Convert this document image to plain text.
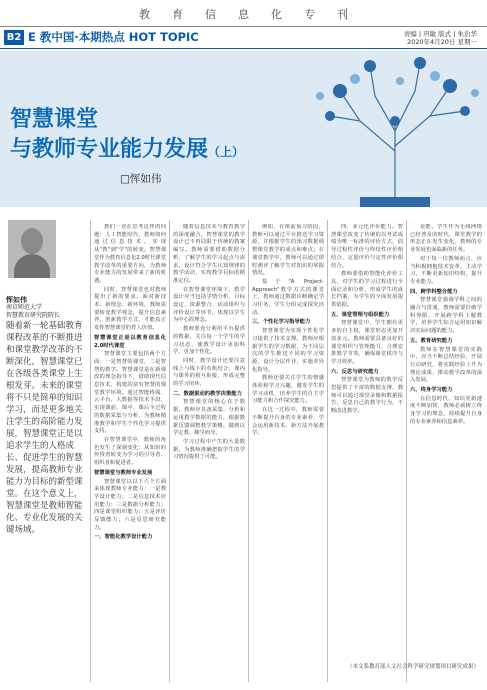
教 育 信 息 化 专 刊
B2 E 教中国·本期热点 HOT TOPIC	责编 | 巩敏 版式 | 朱治华
2020年4月20日 星期一
智慧课堂
与教师专业能力发展（上）
□恽如伟
恽如伟
南京师范大学
智慧教育研究院院长
随着新一轮基础教育课程改革的不断推进和课堂教学改革的不断深化，智慧课堂已在各级各类课堂上生根发芽。未来的课堂将不只是简单的知识学习，而是更多地关注学生的高阶能力发展，智慧课堂正是以追求学生的人格成长、促进学生的智慧发展，提高教师专业能力为目标的新型课堂。在这个意义上，智慧课堂是教师智能化、专业化发展的关键场域。

教们一直在思考这样的问题：人工智能时代，教师如何通过信息技术，实现从"教"到"学"的转变。智慧课堂作为教育信息化2.0时代课堂教学改革的重要方向，为教师专业能力的发展带来了新的机遇。

同时，智慧课堂也对教师提出了新的要求。面对新技术、新理念、新环境，教师需要转变教学观念，提升信息素养，创新教学方式，才能真正发挥智慧课堂的育人价值。

智慧课堂正是以教育信息化2.0时代课堂

智慧课堂主要包括两个方面：一是智慧的课堂，二是智慧的教学。智慧课堂是在新课改的理念指导下，借助现代信息技术，构建的富有智慧的课堂教学环境。通过智能终端、云平台、大数据等技术手段，实现课前、课中、课后全过程的数据采集与分析，为教师精准教学和学生个性化学习提供支持。

在智慧课堂中，教师的角色发生了深刻变化：从知识的传授者转变为学习的引导者、组织者和促进者。

智慧课堂与教师专业发展

智慧课堂以以下六个方面来体现教师专业能力：一是教学设计能力；二是信息技术应用能力；三是数据分析能力；四是课堂组织能力；五是评价反馈能力；六是反思研究能力。

一、智能化教学设计能力

随着信息技术与教育教学的深度融合，智慧课堂的教学设计已不再局限于传统的教案编写。教师需要借助数据分析，了解学生的学习起点与需求，设计符合学生认知规律的教学活动，实现教学目标的精准定位。

在智慧课堂环境下，教学设计应当包括学情分析、目标设定、资源整合、活动组织与评价设计等环节，体现以学生为中心的理念。

教师要充分利用平台提供的数据，关注每一个学生的学习状态，使教学设计更加科学、更加个性化。

同时，教学设计还要注意线上与线下的有机结合，课内与课外的相互衔接，形成完整的学习闭环。

二、数据驱动的教学决策能力

智慧课堂的核心在于数据。教师应具备采集、分析和运用教学数据的能力，根据数据反馈调整教学策略，做到以学定教、顺学而导。

学习过程中产生的大量数据，为教师准确把握学生的学习情况提供了可能。

例如，在课前预习阶段，教师可以通过平台推送学习资源，并根据学生的预习数据调整课堂教学的重点和难点；在课堂教学中，教师可以通过即时测评了解学生对知识的掌握情况。

基于"A Project-Approach"教学方式的课堂上，教师通过数据诊断确定学习任务，学生分组完成探究活动。

三、个性化学习指导能力

智慧课堂为实现个性化学习提供了技术支撑。教师应根据学生的学习数据，为不同层次的学生推送不同的学习资源，设计分层作业，实施差异化指导。

教师还要关注学生的情感体验和学习兴趣，激发学生的学习动机，培养学生的自主学习能力和合作探究能力。

在这一过程中，教师需要不断提升自身的专业素养，学会运用新技术、新方法开展教学。

四、多元化评价能力。智慧课堂改变了传统的以考试成绩为唯一标准的评价方式，倡导过程性评价与终结性评价相结合、定量评价与定性评价相结合。

教师要借助智能化评价工具，对学生的学习过程进行全面记录和分析，形成学生的成长档案，为学生的全面发展提供依据。

五、课堂管理与组织能力

智慧课堂中，学生拥有更多的自主权，课堂形态更加开放多元。教师需要具备良好的课堂组织与管理能力，合理安排教学节奏，确保课堂秩序与学习效率。

六、反思与研究能力

智慧课堂为教师的教学反思提供了丰富的数据支撑，教师可以通过课堂录像和数据报告，反思自己的教学行为，不断改进教学。

是能，学生作为无线网络已经普及的时代，课堂教学的形态正在发生变化，教师的专业发展也面临新的任务。

对于每一位教师而言，应当积极拥抱技术变革，主动学习，不断更新知识结构，提升专业能力。

四、跨学科整合能力

智慧课堂强调学科之间的融合与贯通，教师需要打破学科界限，开展跨学科主题教学，培养学生综合运用知识解决实际问题的能力。

五、教育研究能力

教师在智慧课堂的实践中，应当不断总结经验，开展行动研究，将实践经验上升为理论成果，推动教学改革的深入发展。

六、终身学习能力

在信息时代，知识更新速度不断加快，教师必须树立终身学习的理念，持续提升自身的专业素养和信息素养。

（本文系教育部人文社会科学研究规划项目研究成果）
